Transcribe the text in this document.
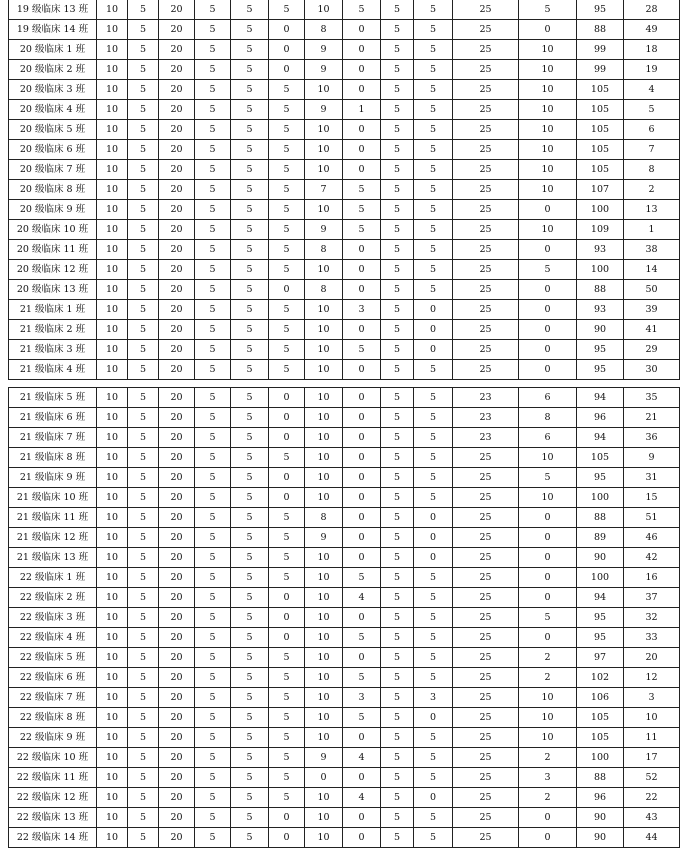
19 级临床 13 班	10	5	20	5	5	5	10	5	5	5	25	5	95	28
19 级临床 14 班	10	5	20	5	5	0	8	0	5	5	25	0	88	49
20 级临床 1 班	10	5	20	5	5	0	9	0	5	5	25	10	99	18
20 级临床 2 班	10	5	20	5	5	0	9	0	5	5	25	10	99	19
20 级临床 3 班	10	5	20	5	5	5	10	0	5	5	25	10	105	4
20 级临床 4 班	10	5	20	5	5	5	9	1	5	5	25	10	105	5
20 级临床 5 班	10	5	20	5	5	5	10	0	5	5	25	10	105	6
20 级临床 6 班	10	5	20	5	5	5	10	0	5	5	25	10	105	7
20 级临床 7 班	10	5	20	5	5	5	10	0	5	5	25	10	105	8
20 级临床 8 班	10	5	20	5	5	5	7	5	5	5	25	10	107	2
20 级临床 9 班	10	5	20	5	5	5	10	5	5	5	25	0	100	13
20 级临床 10 班	10	5	20	5	5	5	9	5	5	5	25	10	109	1
20 级临床 11 班	10	5	20	5	5	5	8	0	5	5	25	0	93	38
20 级临床 12 班	10	5	20	5	5	5	10	0	5	5	25	5	100	14
20 级临床 13 班	10	5	20	5	5	0	8	0	5	5	25	0	88	50
21 级临床 1 班	10	5	20	5	5	5	10	3	5	0	25	0	93	39
21 级临床 2 班	10	5	20	5	5	5	10	0	5	0	25	0	90	41
21 级临床 3 班	10	5	20	5	5	5	10	5	5	0	25	0	95	29
21 级临床 4 班	10	5	20	5	5	5	10	0	5	5	25	0	95	30
21 级临床 5 班	10	5	20	5	5	0	10	0	5	5	23	6	94	35
21 级临床 6 班	10	5	20	5	5	0	10	0	5	5	23	8	96	21
21 级临床 7 班	10	5	20	5	5	0	10	0	5	5	23	6	94	36
21 级临床 8 班	10	5	20	5	5	5	10	0	5	5	25	10	105	9
21 级临床 9 班	10	5	20	5	5	0	10	0	5	5	25	5	95	31
21 级临床 10 班	10	5	20	5	5	0	10	0	5	5	25	10	100	15
21 级临床 11 班	10	5	20	5	5	5	8	0	5	0	25	0	88	51
21 级临床 12 班	10	5	20	5	5	5	9	0	5	0	25	0	89	46
21 级临床 13 班	10	5	20	5	5	5	10	0	5	0	25	0	90	42
22 级临床 1 班	10	5	20	5	5	5	10	5	5	5	25	0	100	16
22 级临床 2 班	10	5	20	5	5	0	10	4	5	5	25	0	94	37
22 级临床 3 班	10	5	20	5	5	0	10	0	5	5	25	5	95	32
22 级临床 4 班	10	5	20	5	5	0	10	5	5	5	25	0	95	33
22 级临床 5 班	10	5	20	5	5	5	10	0	5	5	25	2	97	20
22 级临床 6 班	10	5	20	5	5	5	10	5	5	5	25	2	102	12
22 级临床 7 班	10	5	20	5	5	5	10	3	5	3	25	10	106	3
22 级临床 8 班	10	5	20	5	5	5	10	5	5	0	25	10	105	10
22 级临床 9 班	10	5	20	5	5	5	10	0	5	5	25	10	105	11
22 级临床 10 班	10	5	20	5	5	5	9	4	5	5	25	2	100	17
22 级临床 11 班	10	5	20	5	5	5	0	0	5	5	25	3	88	52
22 级临床 12 班	10	5	20	5	5	5	10	4	5	0	25	2	96	22
22 级临床 13 班	10	5	20	5	5	0	10	0	5	5	25	0	90	43
22 级临床 14 班	10	5	20	5	5	0	10	0	5	5	25	0	90	44
